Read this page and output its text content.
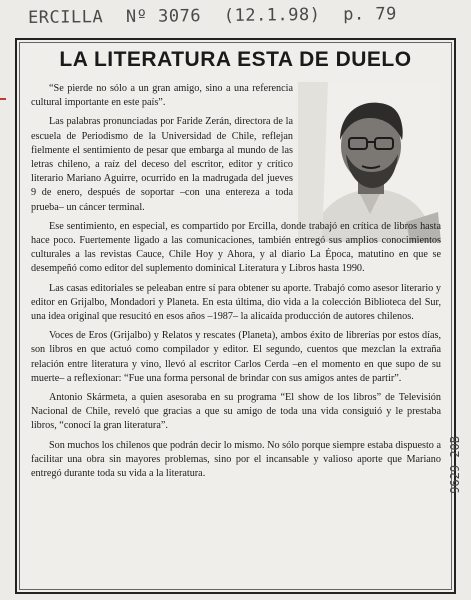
ERCILLA Nº 3076 (12.1.98) p. 79
LA LITERATURA ESTA DE DUELO

“Se pierde no sólo a un gran amigo, sino a una referencia cultural importante en este país”.

Las palabras pronunciadas por Faride Zerán, directora de la escuela de Periodismo de la Universidad de Chile, reflejan fielmente el sentimiento de pesar que embarga al mundo de las letras chileno, a raíz del deceso del escritor, editor y crítico literario Mariano Aguirre, ocurrido en la madrugada del jueves 9 de enero, después de soportar –con una entereza a toda prueba– un cáncer terminal.

Ese sentimiento, en especial, es compartido por Ercilla, donde trabajó en crítica de libros hasta hace poco. Fuertemente ligado a las comunicaciones, también entregó sus amplios conocimientos culturales a las revistas Cauce, Chile Hoy y Ahora, y al diario La Época, matutino en que se desempeñó como editor del suplemento dominical Literatura y Libros hasta 1990.

Las casas editoriales se peleaban entre sí para obtener su aporte. Trabajó como asesor literario y editor en Grijalbo, Mondadori y Planeta. En esta última, dio vida a la colección Biblioteca del Sur, una idea original que resucitó en esos años –1987– la alicaída producción de autores chilenos.

Voces de Eros (Grijalbo) y Relatos y rescates (Planeta), ambos éxito de librerías por estos días, son libros en que actuó como compilador y editor. El segundo, cuentos que mezclan la extraña relación entre literatura y vino, llevó al escritor Carlos Cerda –en el momento en que supo de su muerte– a reflexionar: “Fue una forma personal de brindar con sus amigos antes de partir”.

Antonio Skármeta, a quien asesoraba en su programa “El show de los libros” de Televisión Nacional de Chile, reveló que gracias a que su amigo de toda una vida consiguió y le prestaba libros, “conocí la gran literatura”.

Son muchos los chilenos que podrán decir lo mismo. No sólo porque siempre estaba dispuesto a facilitar una obra sin mayores problemas, sino por el incansable y valioso aporte que Mariano entregó durante toda su vida a la literatura.	9629 20B
